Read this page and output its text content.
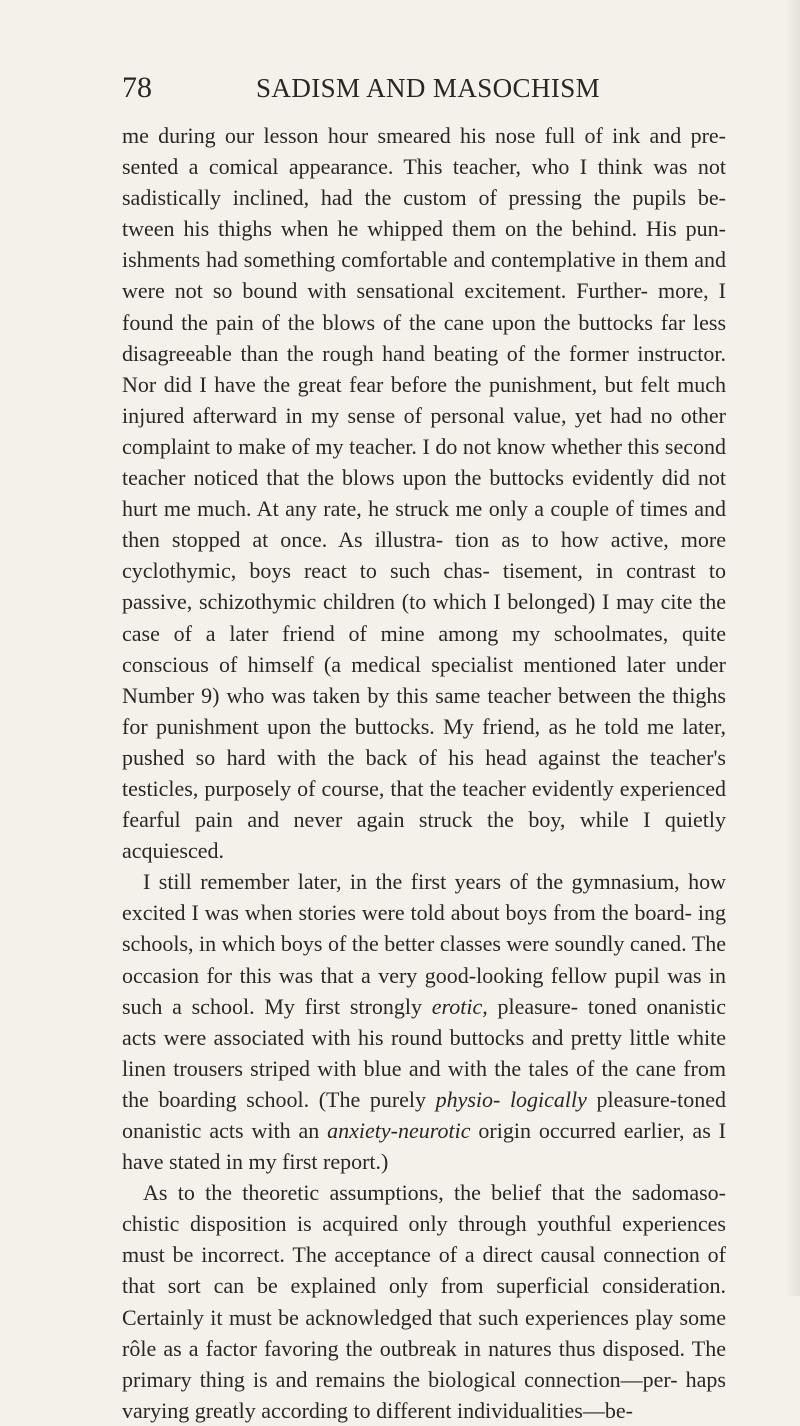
78	SADISM AND MASOCHISM

me during our lesson hour smeared his nose full of ink and pre- sented a comical appearance. This teacher, who I think was not sadistically inclined, had the custom of pressing the pupils be- tween his thighs when he whipped them on the behind. His pun- ishments had something comfortable and contemplative in them and were not so bound with sensational excitement. Further- more, I found the pain of the blows of the cane upon the buttocks far less disagreeable than the rough hand beating of the former instructor. Nor did I have the great fear before the punishment, but felt much injured afterward in my sense of personal value, yet had no other complaint to make of my teacher. I do not know whether this second teacher noticed that the blows upon the buttocks evidently did not hurt me much. At any rate, he struck me only a couple of times and then stopped at once. As illustra- tion as to how active, more cyclothymic, boys react to such chas- tisement, in contrast to passive, schizothymic children (to which I belonged) I may cite the case of a later friend of mine among my schoolmates, quite conscious of himself (a medical specialist mentioned later under Number 9) who was taken by this same teacher between the thighs for punishment upon the buttocks. My friend, as he told me later, pushed so hard with the back of his head against the teacher's testicles, purposely of course, that the teacher evidently experienced fearful pain and never again struck the boy, while I quietly acquiesced.

I still remember later, in the first years of the gymnasium, how excited I was when stories were told about boys from the board- ing schools, in which boys of the better classes were soundly caned. The occasion for this was that a very good-looking fellow pupil was in such a school. My first strongly erotic, pleasure- toned onanistic acts were associated with his round buttocks and pretty little white linen trousers striped with blue and with the tales of the cane from the boarding school. (The purely physio- logically pleasure-toned onanistic acts with an anxiety-neurotic origin occurred earlier, as I have stated in my first report.)

As to the theoretic assumptions, the belief that the sadomaso- chistic disposition is acquired only through youthful experiences must be incorrect. The acceptance of a direct causal connection of that sort can be explained only from superficial consideration. Certainly it must be acknowledged that such experiences play some rôle as a factor favoring the outbreak in natures thus disposed. The primary thing is and remains the biological connection—per- haps varying greatly according to different individualities—be-
